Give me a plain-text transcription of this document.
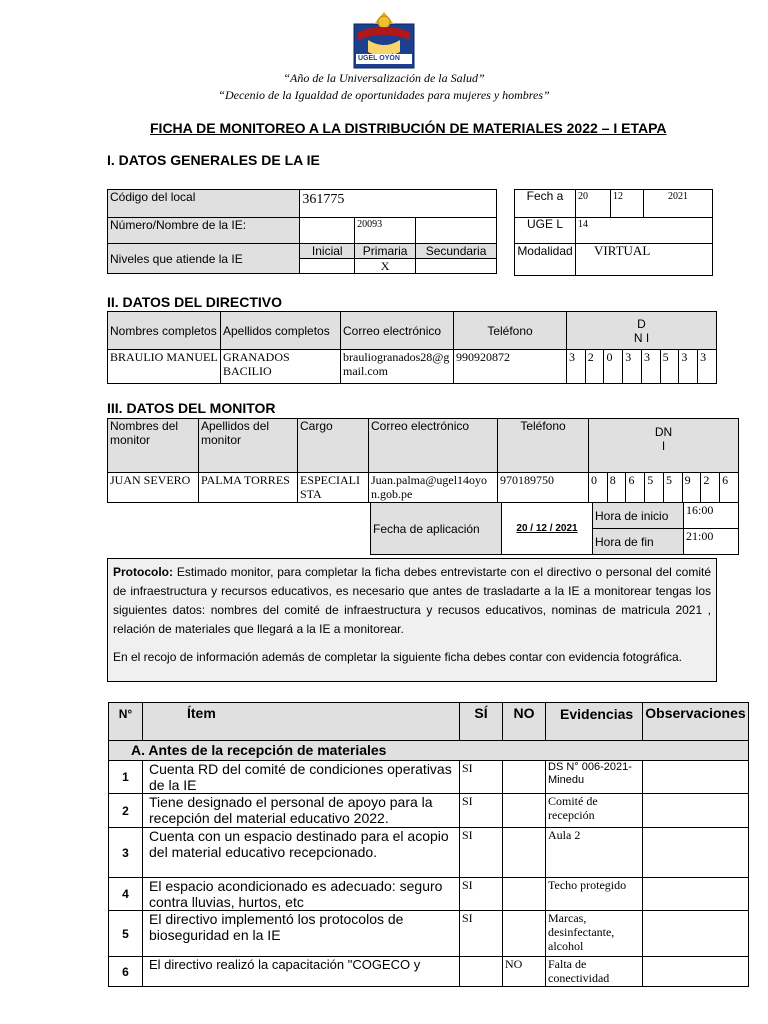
UGEL OYÓN
“Año de la Universalización de la Salud”
“Decenio de la Igualdad de oportunidades para mujeres y hombres”
FICHA DE MONITOREO A LA DISTRIBUCIÓN DE MATERIALES 2022 – I ETAPA
I. DATOS GENERALES DE LA IE
Código del local	361775		
Número/Nombre de la IE:		20093	
Niveles que atiende la IE	Inicial	Primaria	Secundaria
		X	
Fech a	20	12	2021
UGE L	14		
Modalidad	VIRTUAL		
II. DATOS DEL DIRECTIVO
Nombres completos	Apellidos completos	Correo electrónico	Teléfono	DN I							
BRAULIO MANUEL	GRANADOS BACILIO	brauliogranados28@gmail.com	990920872	3	2	0	3	3	5	3	3
III. DATOS DEL MONITOR
Nombres del monitor	Apellidos del monitor	Cargo	Correo electrónico	Teléfono	DN I							
JUAN SEVERO	PALMA TORRES	ESPECIALISTA	Juan.palma@ugel14oyon.gob.pe	970189750	0	8	6	5	5	9	2	6
Fecha de aplicación	20 / 12 / 2021	Hora de inicio	16:00
		Hora de fin	21:00

Protocolo: Estimado monitor, para completar la ficha debes entrevistarte con el directivo o personal del comité de infraestructura y recursos educativos, es necesario que antes de trasladarte a la IE a monitorear tengas los siguientes datos: nombres del comité de infraestructura y recusos educativos, nominas de matricula 2021 , relación de materiales que llegará a la IE a monitorear.

En el recojo de información además de completar la siguiente ficha debes contar con evidencia fotográfica.

N°	Ítem	SÍ	NO	Evidencias	Observaciones
A. Antes de la recepción de materiales					
1	Cuenta RD del comité de condiciones operativas de la IE	SI		DS N° 006-2021-Minedu	
2	Tiene designado el personal de apoyo para la recepción del material educativo 2022.	SI		Comité de recepción	
3	Cuenta con un espacio destinado para el acopio del material educativo recepcionado.	SI		Aula 2	
4	El espacio acondicionado es adecuado: seguro contra lluvias, hurtos, etc	SI		Techo protegido	
5	El directivo implementó los protocolos de bioseguridad en la IE	SI		Marcas, desinfectante, alcohol	
6	El directivo realizó la capacitación "COGECO y		NO	Falta de conectividad	
